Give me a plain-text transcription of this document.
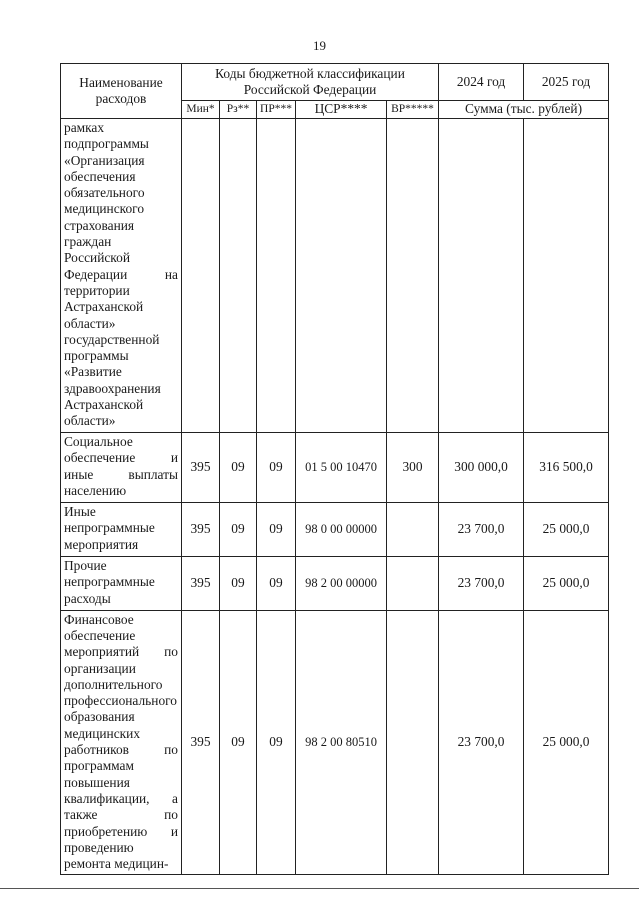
19
Наименование расходов	Коды бюджетной классификации Российской Федерации					2024 год	2025 год
	Мин*	Рз**	ПР***	ЦСР****	ВР*****	Сумма (тыс. рублей)	
рамках подпрограммы «Организация обеспечения обязательного медицинского страхования граждан Российской Федерации на территории Астраханской области» государственной программы «Развитие здравоохранения Астраханской области»							
Социальное обеспечение и иные выплаты населению	395	09	09	01 5 00 10470	300	300 000,0	316 500,0
Иные непрограммные мероприятия	395	09	09	98 0 00 00000		23 700,0	25 000,0
Прочие непрограммные расходы	395	09	09	98 2 00 00000		23 700,0	25 000,0
Финансовое обеспечение мероприятий по организации дополнительного профессионального образования медицинских работников по программам повышения квалификации, а также по приобретению и проведению ремонта медицин-	395	09	09	98 2 00 80510		23 700,0	25 000,0
